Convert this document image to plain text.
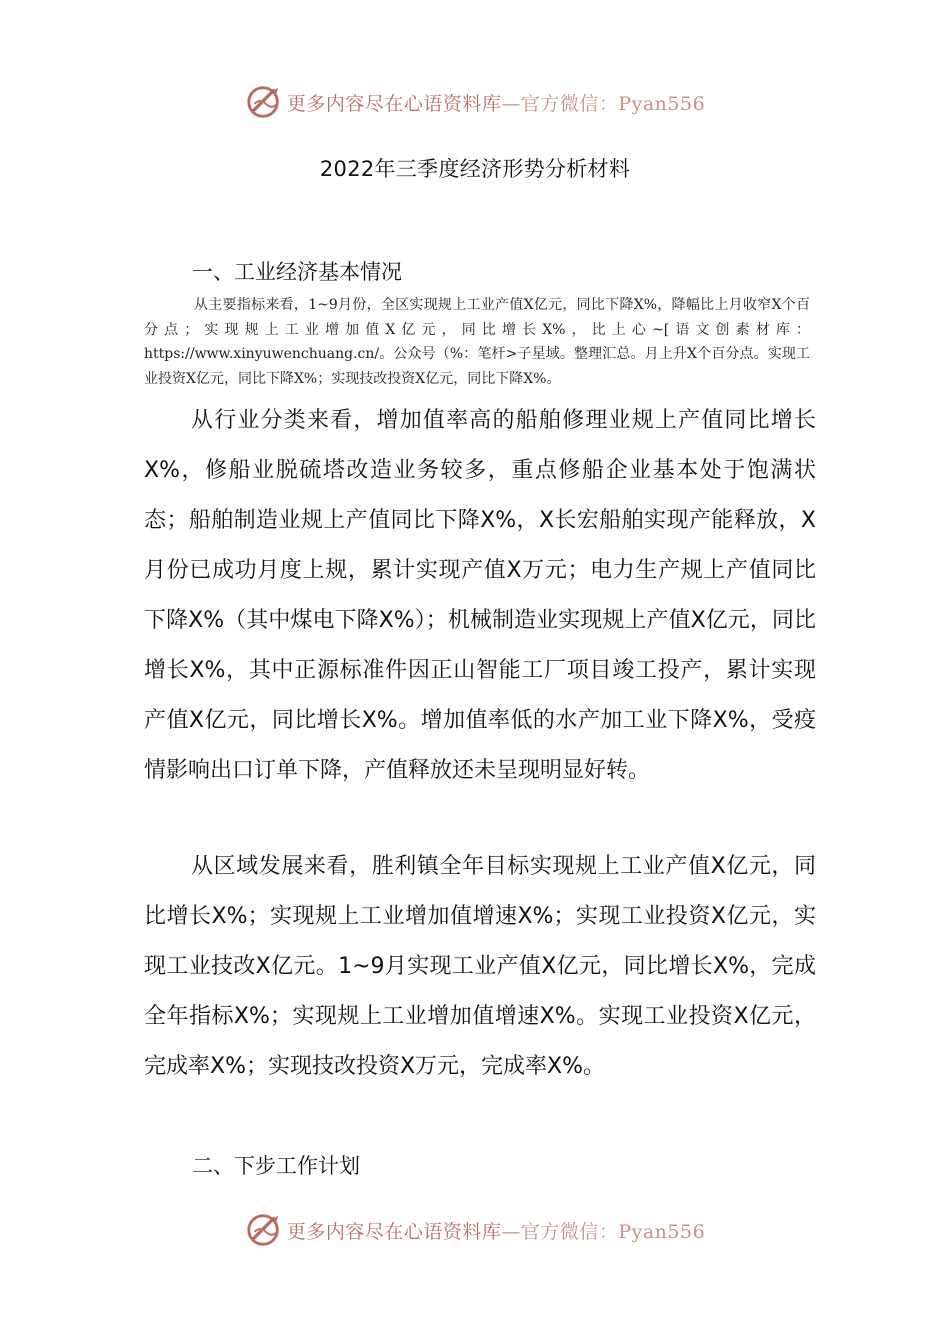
更多内容尽在心语资料库—官方微信：Pyan556
2022年三季度经济形势分析材料
一、工业经济基本情况
从主要指标来看，1~9月份，全区实现规上工业产值X亿元，同比下降X%，降幅比上月收窄X个百分点；实现规上工业增加值X亿元，同比增长X%，比上心~[语文创素材库：https://www.xinyuwenchuang.cn/。公众号（%：笔杆>子星域。整理汇总。月上升X个百分点。实现工业投资X亿元，同比下降X%；实现技改投资X亿元，同比下降X%。
从行业分类来看，增加值率高的船舶修理业规上产值同比增长X%，修船业脱硫塔改造业务较多，重点修船企业基本处于饱满状态；船舶制造业规上产值同比下降X%，X长宏船舶实现产能释放，X月份已成功月度上规，累计实现产值X万元；电力生产规上产值同比下降X%（其中煤电下降X%）；机械制造业实现规上产值X亿元，同比增长X%，其中正源标准件因正山智能工厂项目竣工投产，累计实现产值X亿元，同比增长X%。增加值率低的水产加工业下降X%，受疫情影响出口订单下降，产值释放还未呈现明显好转。
从区域发展来看，胜利镇全年目标实现规上工业产值X亿元，同比增长X%；实现规上工业增加值增速X%；实现工业投资X亿元，实现工业技改X亿元。1~9月实现工业产值X亿元，同比增长X%，完成全年指标X%；实现规上工业增加值增速X%。实现工业投资X亿元，完成率X%；实现技改投资X万元，完成率X%。
二、下步工作计划
更多内容尽在心语资料库—官方微信：Pyan556
